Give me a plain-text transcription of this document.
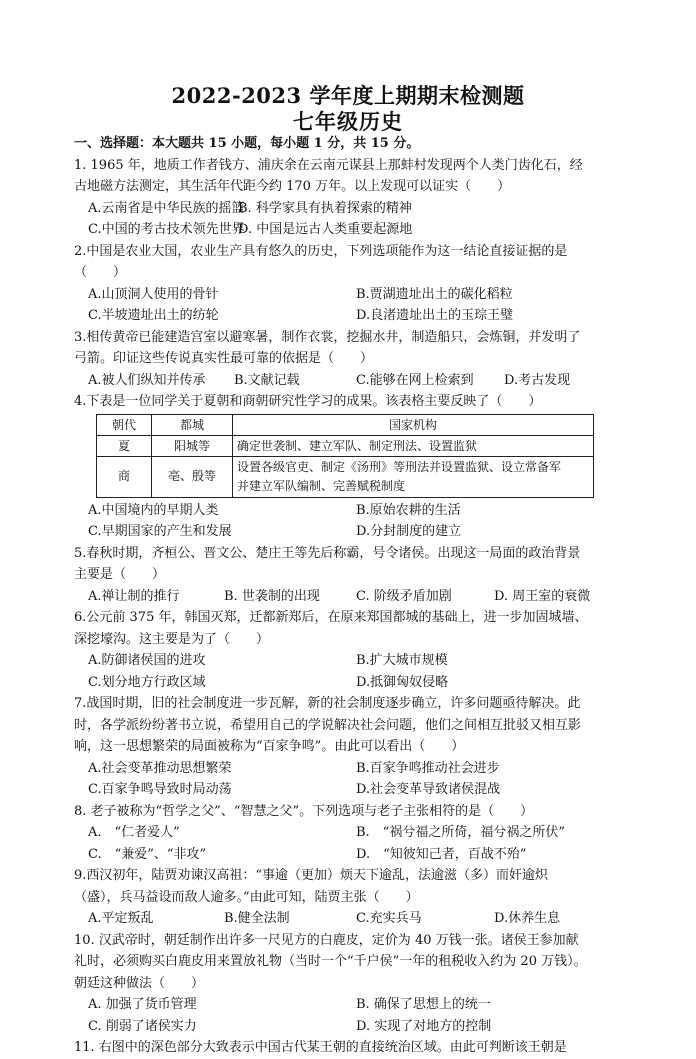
2022-2023 学年度上期期末检测题
七年级历史
一、选择题：本大题共 15 小题，每小题 1 分，共 15 分。
1. 1965 年，地质工作者钱方、浦庆余在云南元谋县上那蚌村发现两个人类门齿化石，经
古地磁方法测定，其生活年代距今约 170 万年。以上发现可以证实（　　）
A.云南省是中华民族的摇篮
B. 科学家具有执着探索的精神
C.中国的考古技术领先世界
D. 中国是远古人类重要起源地
2.中国是农业大国，农业生产具有悠久的历史，下列选项能作为这一结论直接证据的是
（　　）
A.山顶洞人使用的骨针	B.贾湖遗址出土的碳化稻粒
C.半坡遗址出土的纺轮	D.良渚遗址出土的玉琮王璧
3.相传黄帝已能建造宫室以避寒暑，制作衣裳，挖掘水井，制造船只，会炼铜，并发明了
弓箭。印证这些传说真实性最可靠的依据是（　　）
A.被人们纵知并传承 B.文献记载	C.能够在网上检索到 D.考古发现
4.下表是一位同学关于夏朝和商朝研究性学习的成果。该表格主要反映了（　　）
朝代	都城	国家机构
夏	阳城等	确定世袭制、建立军队、制定刑法、设置监狱
商	亳、殷等	设置各级官吏、制定《汤刑》等刑法并设置监狱、设立常备军
并建立军队编制、完善赋税制度
A.中国境内的早期人类	B.原始农耕的生活
C.早期国家的产生和发展	D.分封制度的建立
5.春秋时期，齐桓公、晋文公、楚庄王等先后称霸，号令诸侯。出现这一局面的政治背景
主要是（　　）
A.禅让制的推行	B. 世袭制的出现	C. 阶级矛盾加剧	D. 周王室的衰微
6.公元前 375 年，韩国灭郑，迁都新郑后，在原来郑国都城的基础上，进一步加固城墙、
深挖壕沟。这主要是为了（　　）
A.防御诸侯国的进攻	B.扩大城市规模
C.划分地方行政区域	D.抵御匈奴侵略
7.战国时期，旧的社会制度进一步瓦解，新的社会制度逐步确立，许多问题亟待解决。此
时，各学派纷纷著书立说，希望用自己的学说解决社会问题，他们之间相互批驳又相互影
响，这一思想繁荣的局面被称为“百家争鸣”。由此可以看出（　　）
A.社会变革推动思想繁荣	B.百家争鸣推动社会进步
C.百家争鸣导致时局动荡	D.社会变革导致诸侯混战
8. 老子被称为“哲学之父”、“智慧之父”。下列选项与老子主张相符的是（　　）
A.　“仁者爱人”	B.　“祸兮福之所倚，福兮祸之所伏”
C.　“兼爱”、“非攻”	D.　“知彼知己者，百战不殆”
9.西汉初年，陆贾劝谏汉高祖：“事逾（更加）烦天下逾乱，法逾滋（多）而奸逾炽
（盛），兵马益设而敌人逾多。”由此可知，陆贾主张（　　）
A.平定叛乱	B.健全法制	C.充实兵马	D.休养生息
10. 汉武帝时，朝廷制作出许多一尺见方的白鹿皮，定价为 40 万钱一张。诸侯王参加献
礼时，必须购买白鹿皮用来置放礼物（当时一个“千户侯”一年的租税收入约为 20 万钱）。
朝廷这种做法（　　）
A. 加强了货币管理	B. 确保了思想上的统一
C. 削弱了诸侯实力	D. 实现了对地方的控制
11. 右图中的深色部分大致表示中国古代某王朝的直接统治区域。由此可判断该王朝是
